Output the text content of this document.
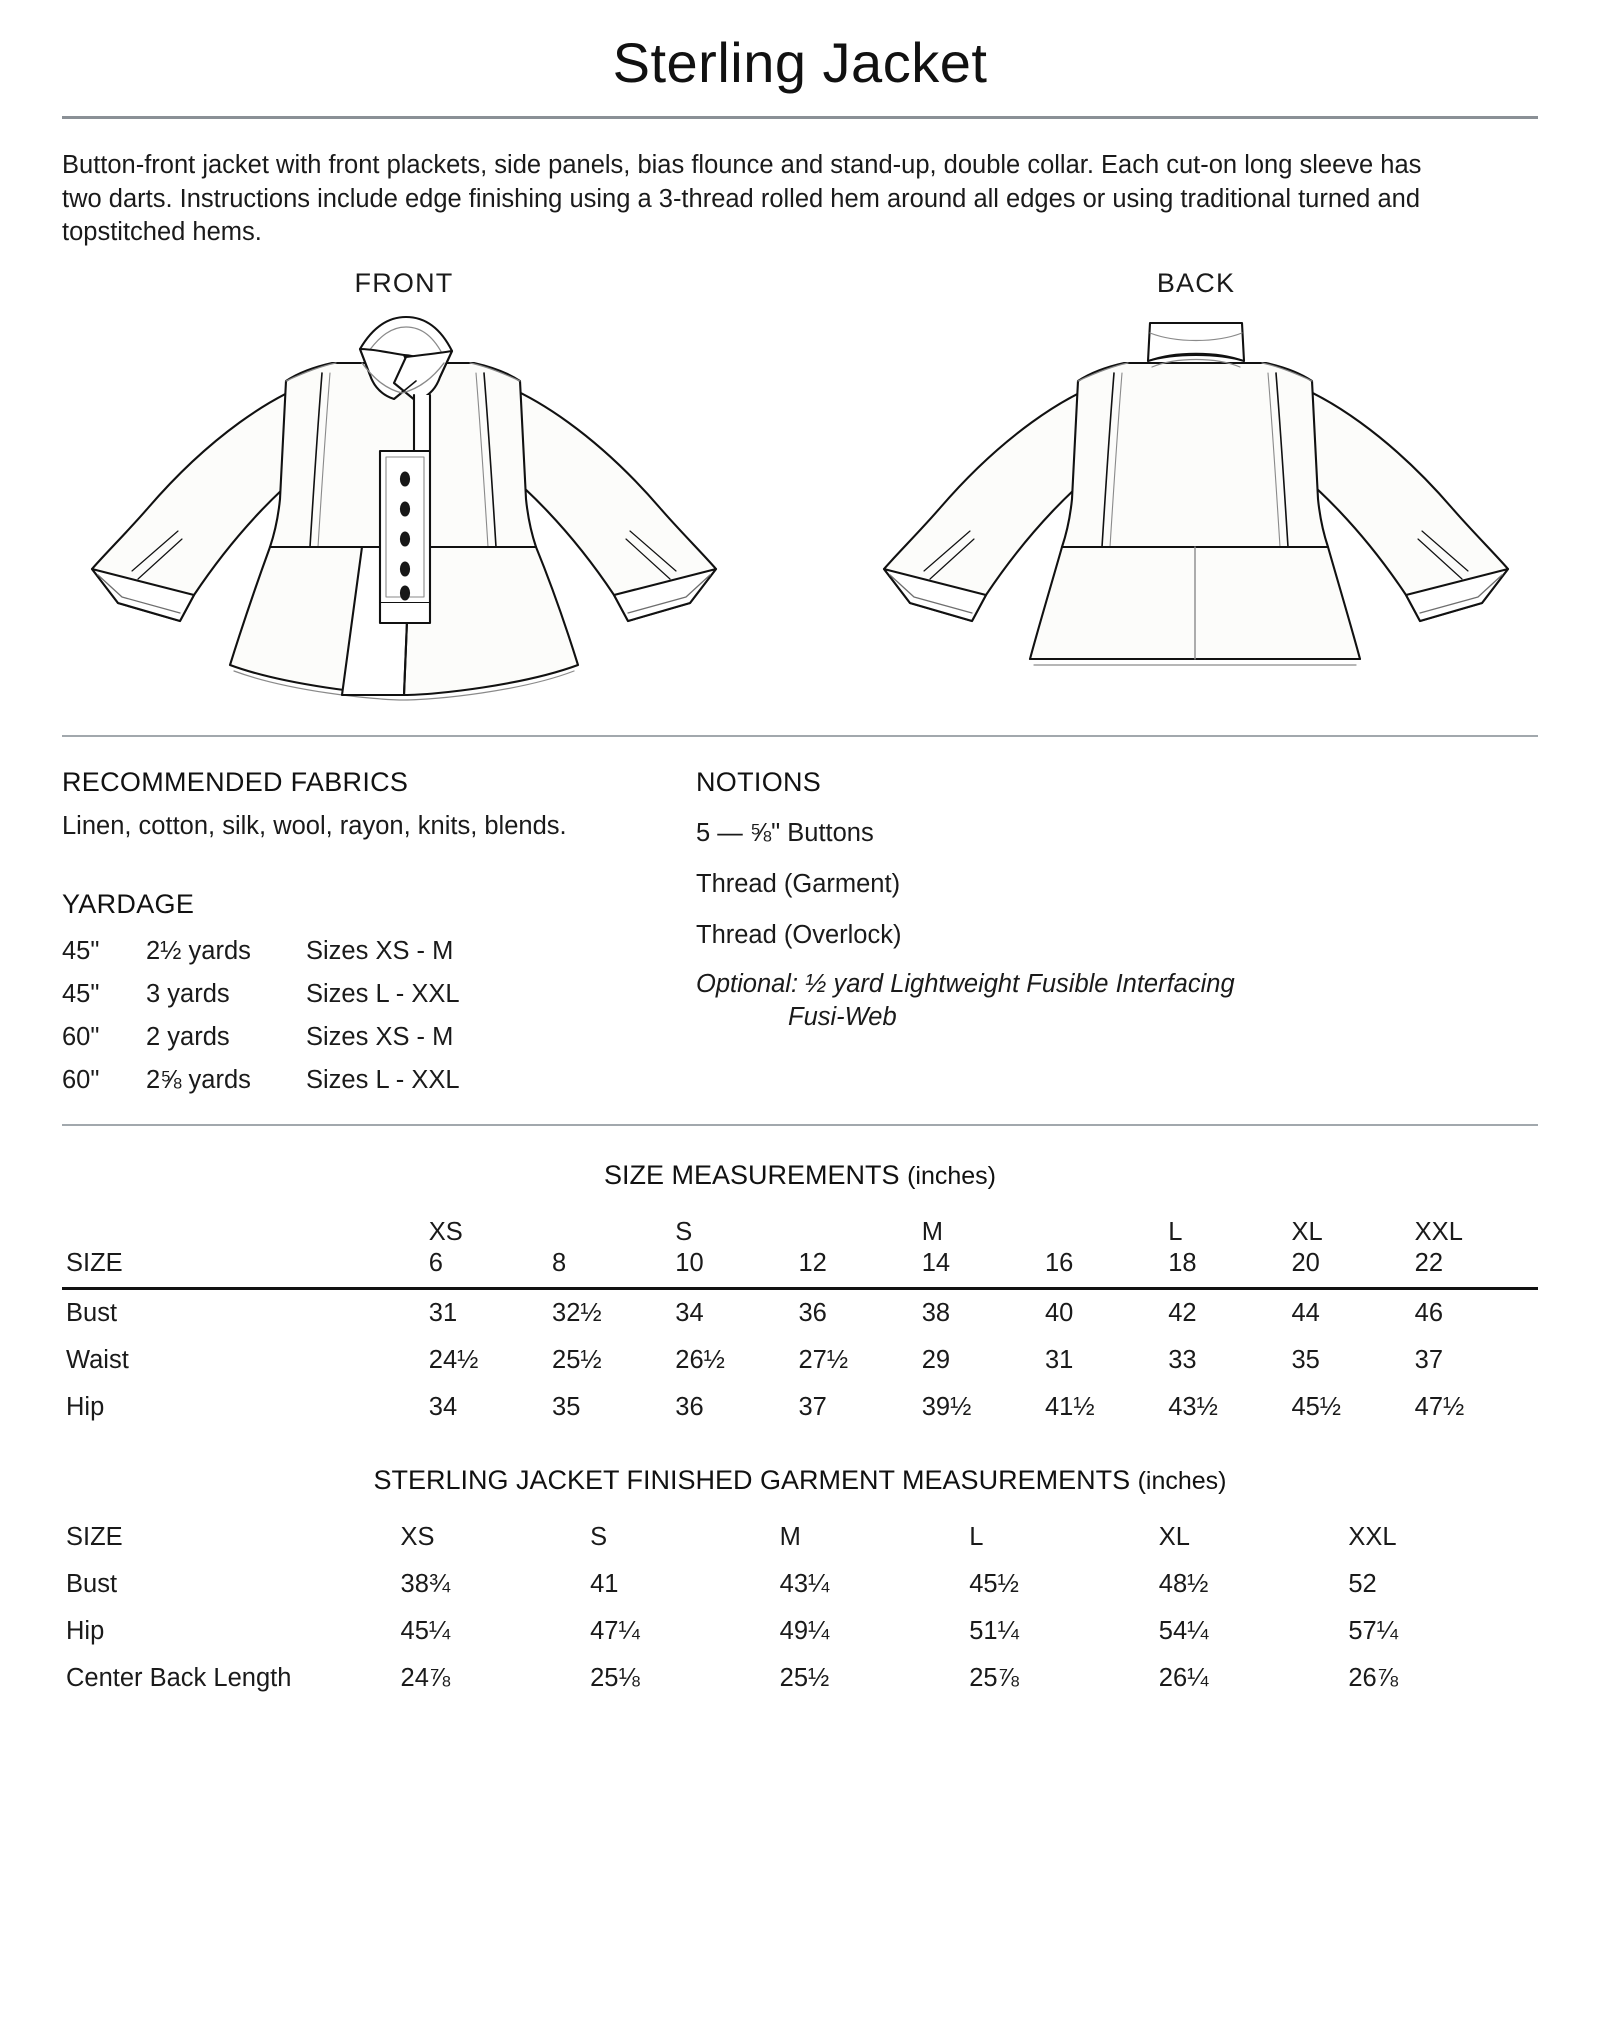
Sterling Jacket

Button-front jacket with front plackets, side panels, bias flounce and stand-up, double collar. Each cut-on long sleeve has two darts. Instructions include edge finishing using a 3-thread rolled hem around all edges or using traditional turned and topstitched hems.

FRONT	BACK
RECOMMENDED FABRICS

Linen, cotton, silk, wool, rayon, knits, blends.

YARDAGE
45"	2½ yards	Sizes XS - M
45"	3 yards	Sizes L - XXL
60"	2 yards	Sizes XS - M
60"	2⅝ yards	Sizes L - XXL
NOTIONS
5 — ⅝" Buttons
Thread (Garment)
Thread (Overlock)
Optional: ½ yard Lightweight Fusible Interfacing
Fusi-Web
SIZE MEASUREMENTS (inches)
	XS		S		M		L	XL	XXL
SIZE	6	8	10	12	14	16	18	20	22
Bust	31	32½	34	36	38	40	42	44	46
Waist	24½	25½	26½	27½	29	31	33	35	37
Hip	34	35	36	37	39½	41½	43½	45½	47½
STERLING JACKET FINISHED GARMENT MEASUREMENTS (inches)
SIZE	XS	S	M	L	XL	XXL
Bust	38¾	41	43¼	45½	48½	52
Hip	45¼	47¼	49¼	51¼	54¼	57¼
Center Back Length	24⅞	25⅛	25½	25⅞	26¼	26⅞
